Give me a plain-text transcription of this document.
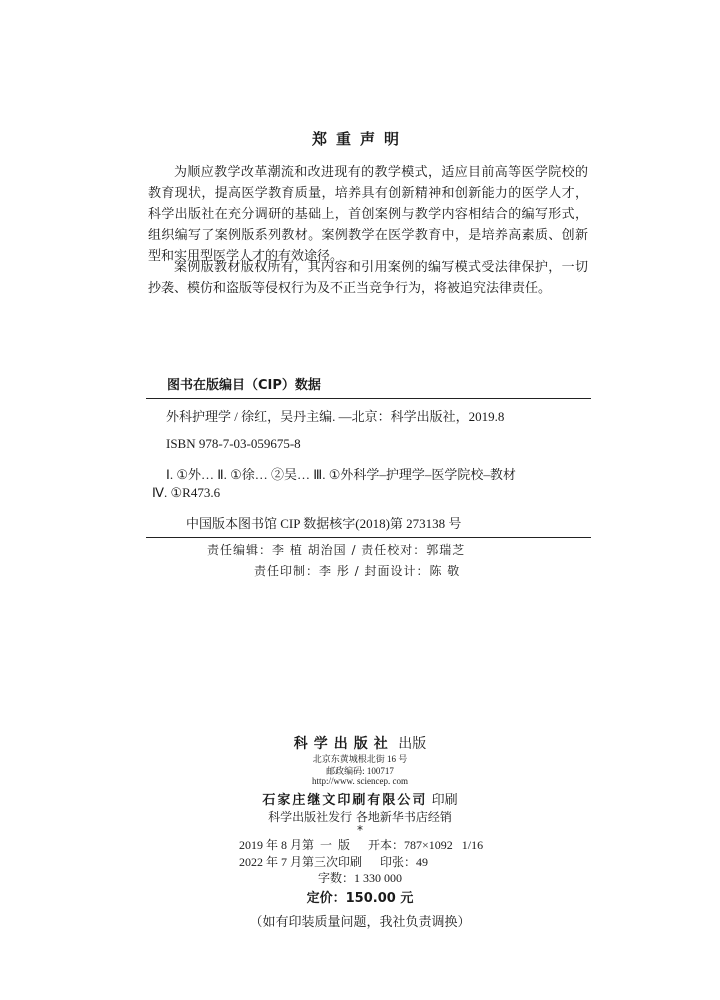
郑重声明
为顺应教学改革潮流和改进现有的教学模式，适应目前高等医学院校的教育现状，提高医学教育质量，培养具有创新精神和创新能力的医学人才，科学出版社在充分调研的基础上，首创案例与教学内容相结合的编写形式，组织编写了案例版系列教材。案例教学在医学教育中，是培养高素质、创新型和实用型医学人才的有效途径。
案例版教材版权所有，其内容和引用案例的编写模式受法律保护，一切抄袭、模仿和盗版等侵权行为及不正当竞争行为，将被追究法律责任。
图书在版编目（CIP）数据
外科护理学 / 徐红，吴丹主编. —北京：科学出版社，2019.8
ISBN 978-7-03-059675-8
Ⅰ. ①外… Ⅱ. ①徐… ②吴… Ⅲ. ①外科学–护理学–医学院校–教材
Ⅳ. ①R473.6
中国版本图书馆 CIP 数据核字(2018)第 273138 号
责任编辑：李 植 胡治国 / 责任校对：郭瑞芝
责任印制：李 彤 / 封面设计：陈 敬
科学出版社 出版
北京东黄城根北街 16 号
邮政编码: 100717
http://www. sciencep. com
石家庄继文印刷有限公司 印刷
科学出版社发行 各地新华书店经销
*
2019 年 8 月第  一  版      开本：787×1092   1/16
2022 年 7 月第三次印刷      印张：49
字数：1 330 000
定价：150.00 元
（如有印装质量问题，我社负责调换）
